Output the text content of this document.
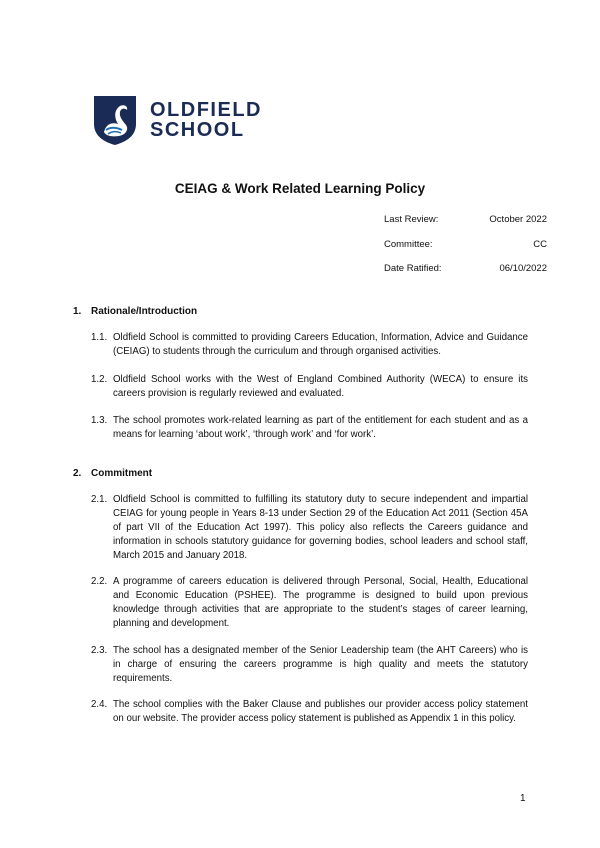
OLDFIELD
SCHOOL
CEIAG & Work Related Learning Policy
Last Review:	October 2022
Committee:	CC
Date Ratified:	06/10/2022
1. Rationale/Introduction
1.1. Oldfield School is committed to providing Careers Education, Information, Advice and Guidance (CEIAG) to students through the curriculum and through organised activities.
1.2. Oldfield School works with the West of England Combined Authority (WECA) to ensure its careers provision is regularly reviewed and evaluated.
1.3. The school promotes work-related learning as part of the entitlement for each student and as a means for learning ‘about work’, ‘through work’ and ‘for work’.
2. Commitment
2.1. Oldfield School is committed to fulfilling its statutory duty to secure independent and impartial CEIAG for young people in Years 8-13 under Section 29 of the Education Act 2011 (Section 45A of part VII of the Education Act 1997). This policy also reflects the Careers guidance and information in schools statutory guidance for governing bodies, school leaders and school staff, March 2015 and January 2018.
2.2. A programme of careers education is delivered through Personal, Social, Health, Educational and Economic Education (PSHEE). The programme is designed to build upon previous knowledge through activities that are appropriate to the student’s stages of career learning, planning and development.
2.3. The school has a designated member of the Senior Leadership team (the AHT Careers) who is in charge of ensuring the careers programme is high quality and meets the statutory requirements.
2.4. The school complies with the Baker Clause and publishes our provider access policy statement on our website. The provider access policy statement is published as Appendix 1 in this policy.
1
